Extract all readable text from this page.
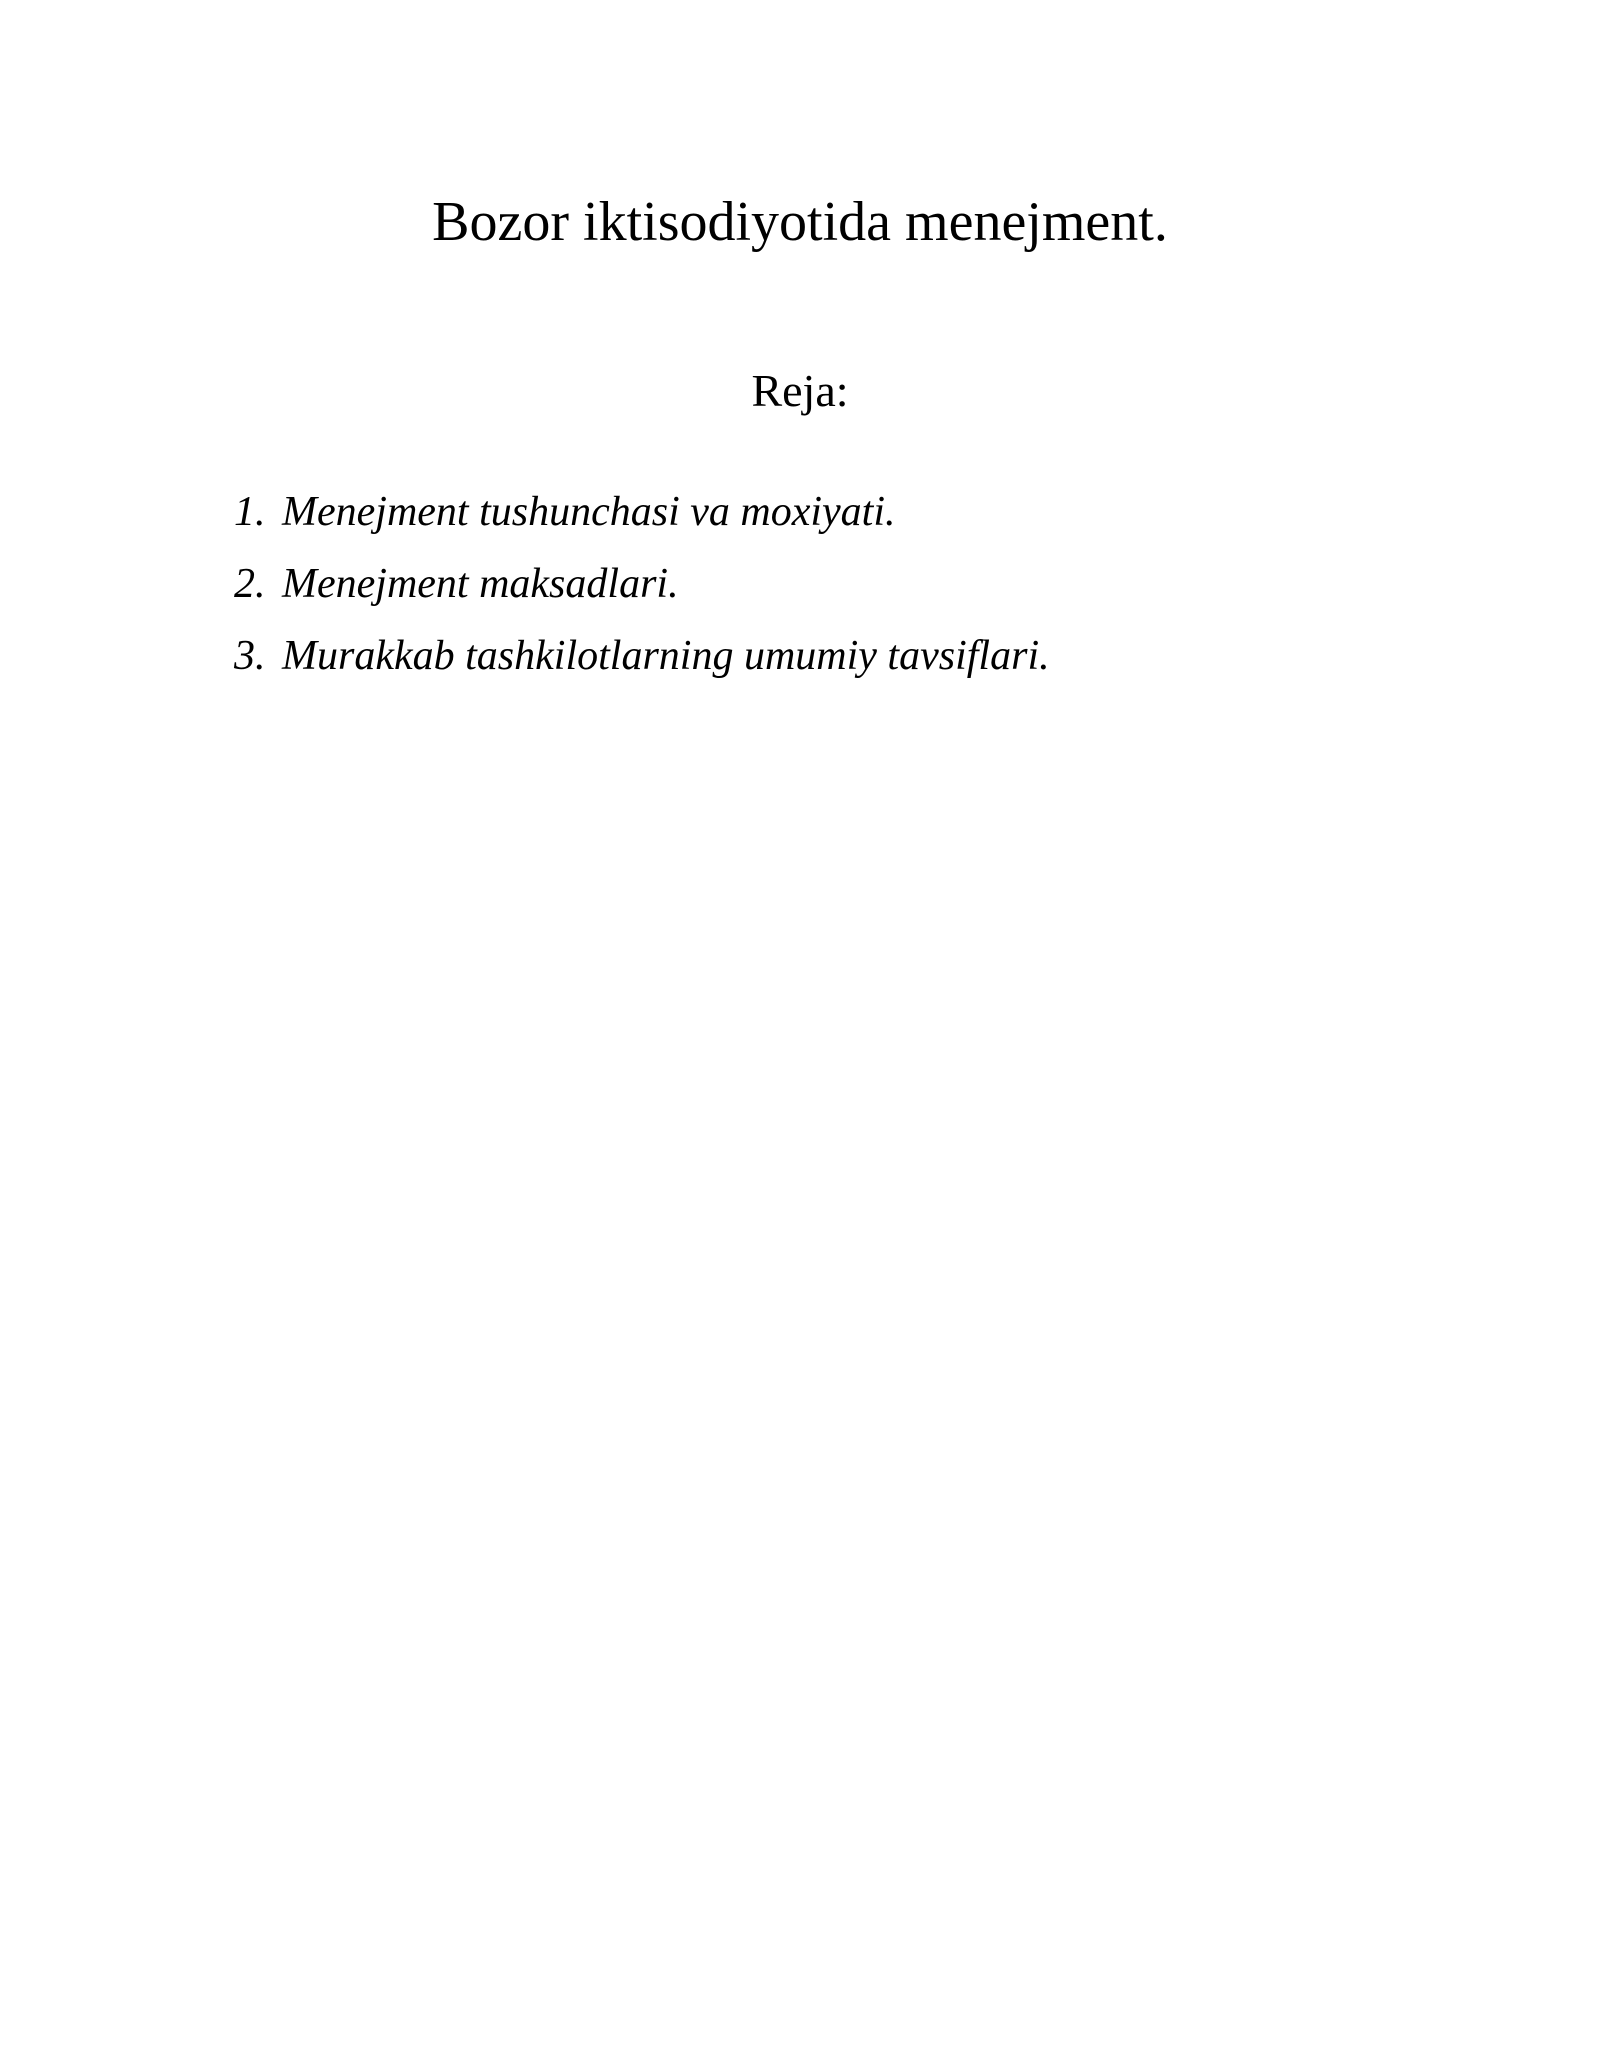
Bozor iktisodiyotida menejment.
Reja:
1. Menejment tushunchasi va moxiyati.
2. Menejment maksadlari.
3. Murakkab tashkilotlarning umumiy tavsiflari.
